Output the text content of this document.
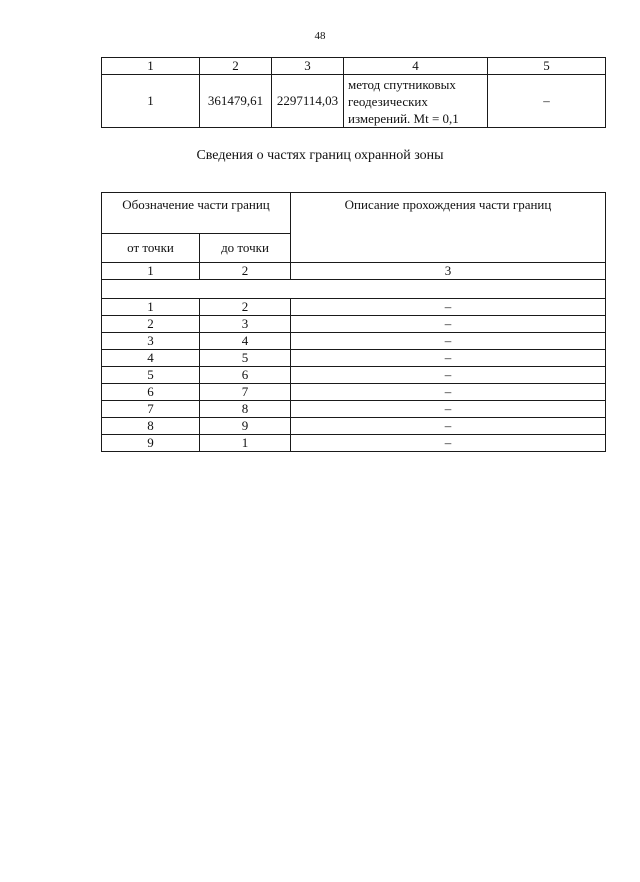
48
1	2	3	4	5
1	361479,61	2297114,03	метод спутниковых
геодезических
измерений. Mt = 0,1	–
Сведения о частях границ охранной зоны
Обозначение части границ		Описание прохождения части границ
от точки	до точки	
1	2	3

1	2	–
2	3	–
3	4	–
4	5	–
5	6	–
6	7	–
7	8	–
8	9	–
9	1	–
